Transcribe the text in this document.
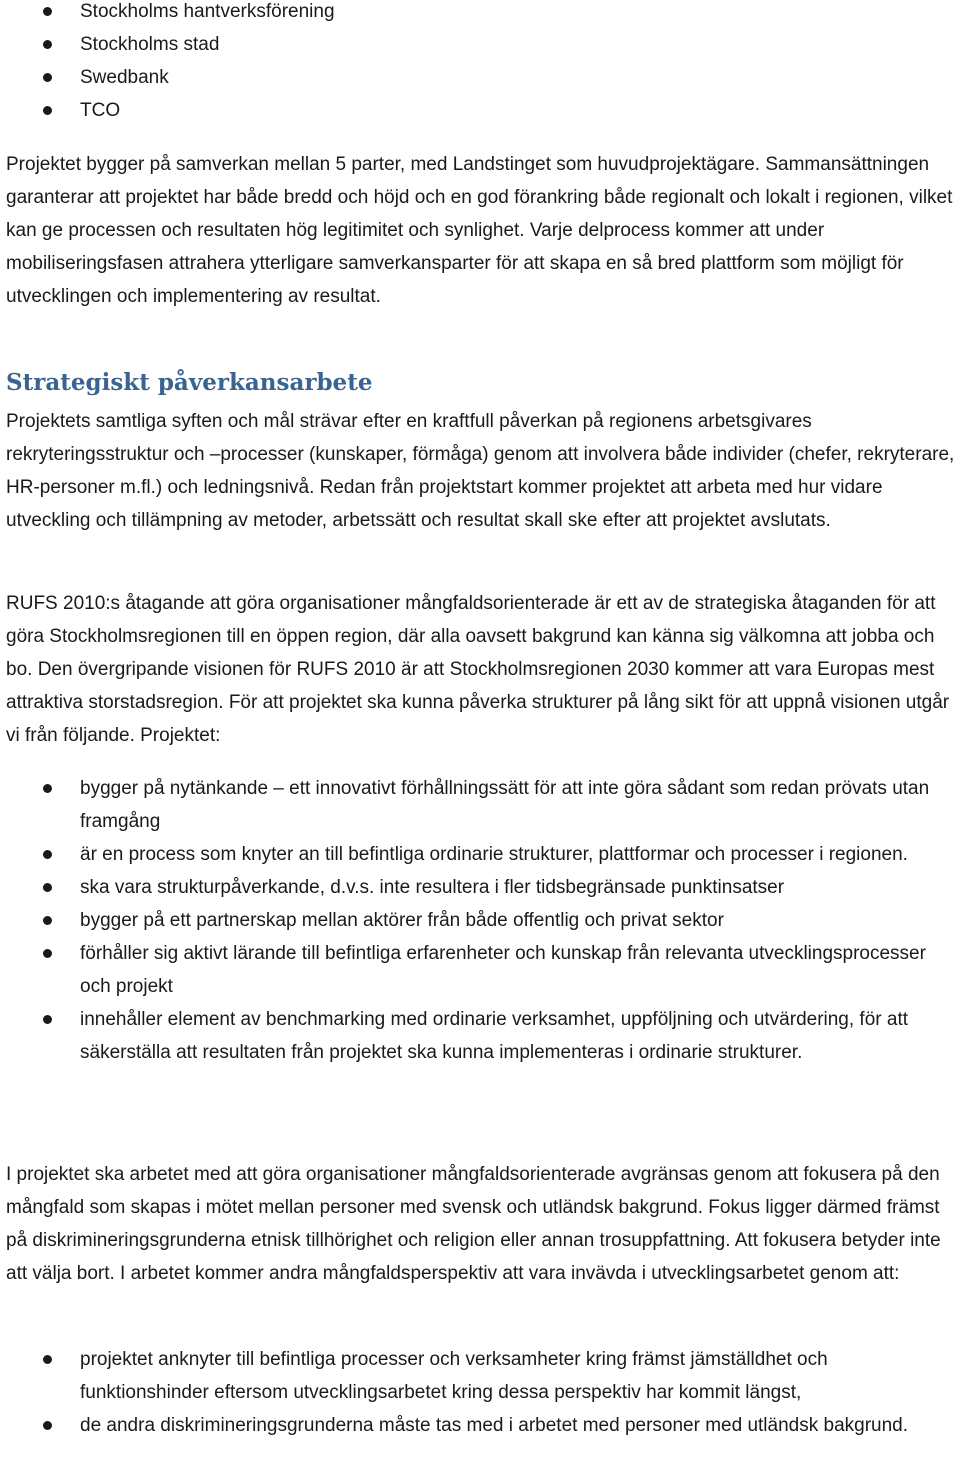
Stockholms hantverksförening
Stockholms stad
Swedbank
TCO

Projektet bygger på samverkan mellan 5 parter, med Landstinget som huvudprojektägare. Sammansättningen garanterar att projektet har både bredd och höjd och en god förankring både regionalt och lokalt i regionen, vilket kan ge processen och resultaten hög legitimitet och synlighet. Varje delprocess kommer att under mobiliseringsfasen attrahera ytterligare samverkansparter för att skapa en så bred plattform som möjligt för utvecklingen och implementering av resultat.

Strategiskt påverkansarbete

Projektets samtliga syften och mål strävar efter en kraftfull påverkan på regionens arbetsgivares rekryteringsstruktur och –processer (kunskaper, förmåga) genom att involvera både individer (chefer, rekryterare, HR-personer m.fl.) och ledningsnivå. Redan från projektstart kommer projektet att arbeta med hur vidare utveckling och tillämpning av metoder, arbetssätt och resultat skall ske efter att projektet avslutats.

RUFS 2010:s åtagande att göra organisationer mångfaldsorienterade är ett av de strategiska åtaganden för att göra Stockholmsregionen till en öppen region, där alla oavsett bakgrund kan känna sig välkomna att jobba och bo. Den övergripande visionen för RUFS 2010 är att Stockholmsregionen 2030 kommer att vara Europas mest attraktiva storstadsregion. För att projektet ska kunna påverka strukturer på lång sikt för att uppnå visionen utgår vi från följande. Projektet:

bygger på nytänkande – ett innovativt förhållningssätt för att inte göra sådant som redan prövats utan framgång
är en process som knyter an till befintliga ordinarie strukturer, plattformar och processer i regionen.
ska vara strukturpåverkande, d.v.s. inte resultera i fler tidsbegränsade punktinsatser
bygger på ett partnerskap mellan aktörer från både offentlig och privat sektor
förhåller sig aktivt lärande till befintliga erfarenheter och kunskap från relevanta utvecklingsprocesser och projekt
innehåller element av benchmarking med ordinarie verksamhet, uppföljning och utvärdering, för att säkerställa att resultaten från projektet ska kunna implementeras i ordinarie strukturer.

I projektet ska arbetet med att göra organisationer mångfaldsorienterade avgränsas genom att fokusera på den mångfald som skapas i mötet mellan personer med svensk och utländsk bakgrund. Fokus ligger därmed främst på diskrimineringsgrunderna etnisk tillhörighet och religion eller annan trosuppfattning. Att fokusera betyder inte att välja bort. I arbetet kommer andra mångfaldsperspektiv att vara invävda i utvecklingsarbetet genom att:

projektet anknyter till befintliga processer och verksamheter kring främst jämställdhet och funktionshinder eftersom utvecklingsarbetet kring dessa perspektiv har kommit längst,
de andra diskrimineringsgrunderna måste tas med i arbetet med personer med utländsk bakgrund.
